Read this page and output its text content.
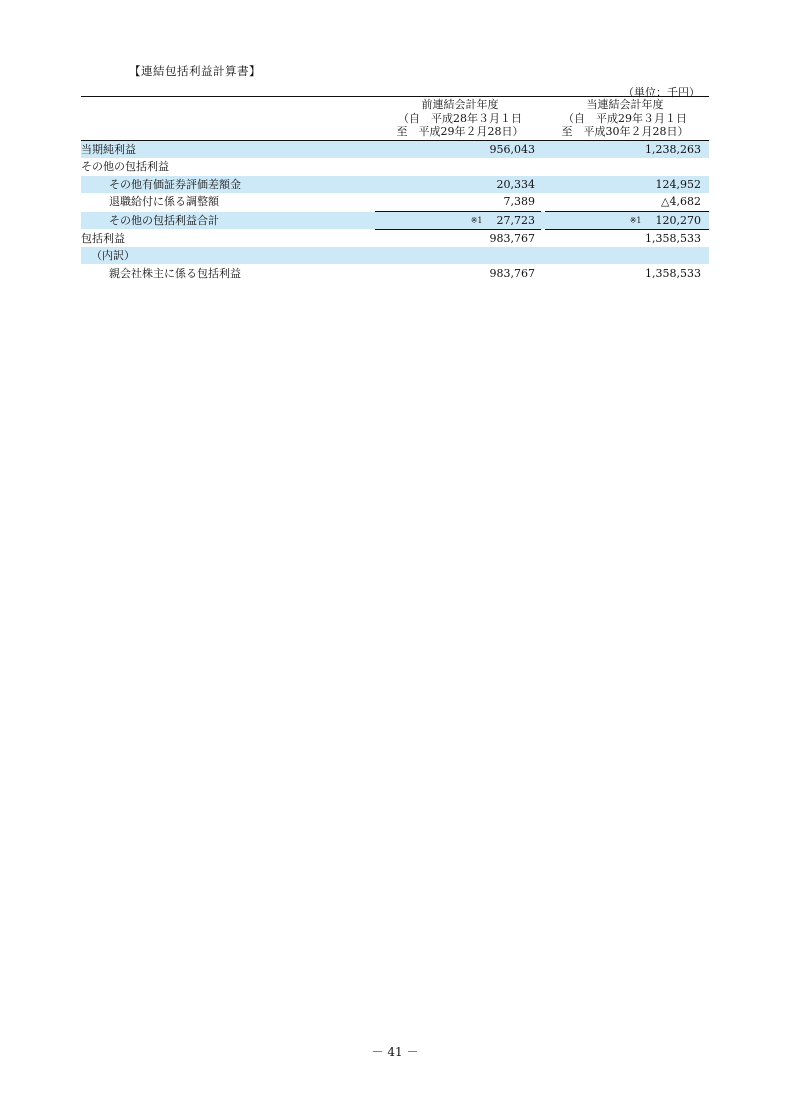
【連結包括利益計算書】
（単位：千円）
前連結会計年度
（自　平成28年３月１日
至　平成29年２月28日）
当連結会計年度
（自　平成29年３月１日
至　平成30年２月28日）
当期純利益	956,043	1,238,263
その他の包括利益
その他有価証券評価差額金	20,334	124,952
退職給付に係る調整額	7,389	△4,682
その他の包括利益合計	※1 27,723	※1 120,270
包括利益	983,767	1,358,533
（内訳）
親会社株主に係る包括利益	983,767	1,358,533
－ 41 －
